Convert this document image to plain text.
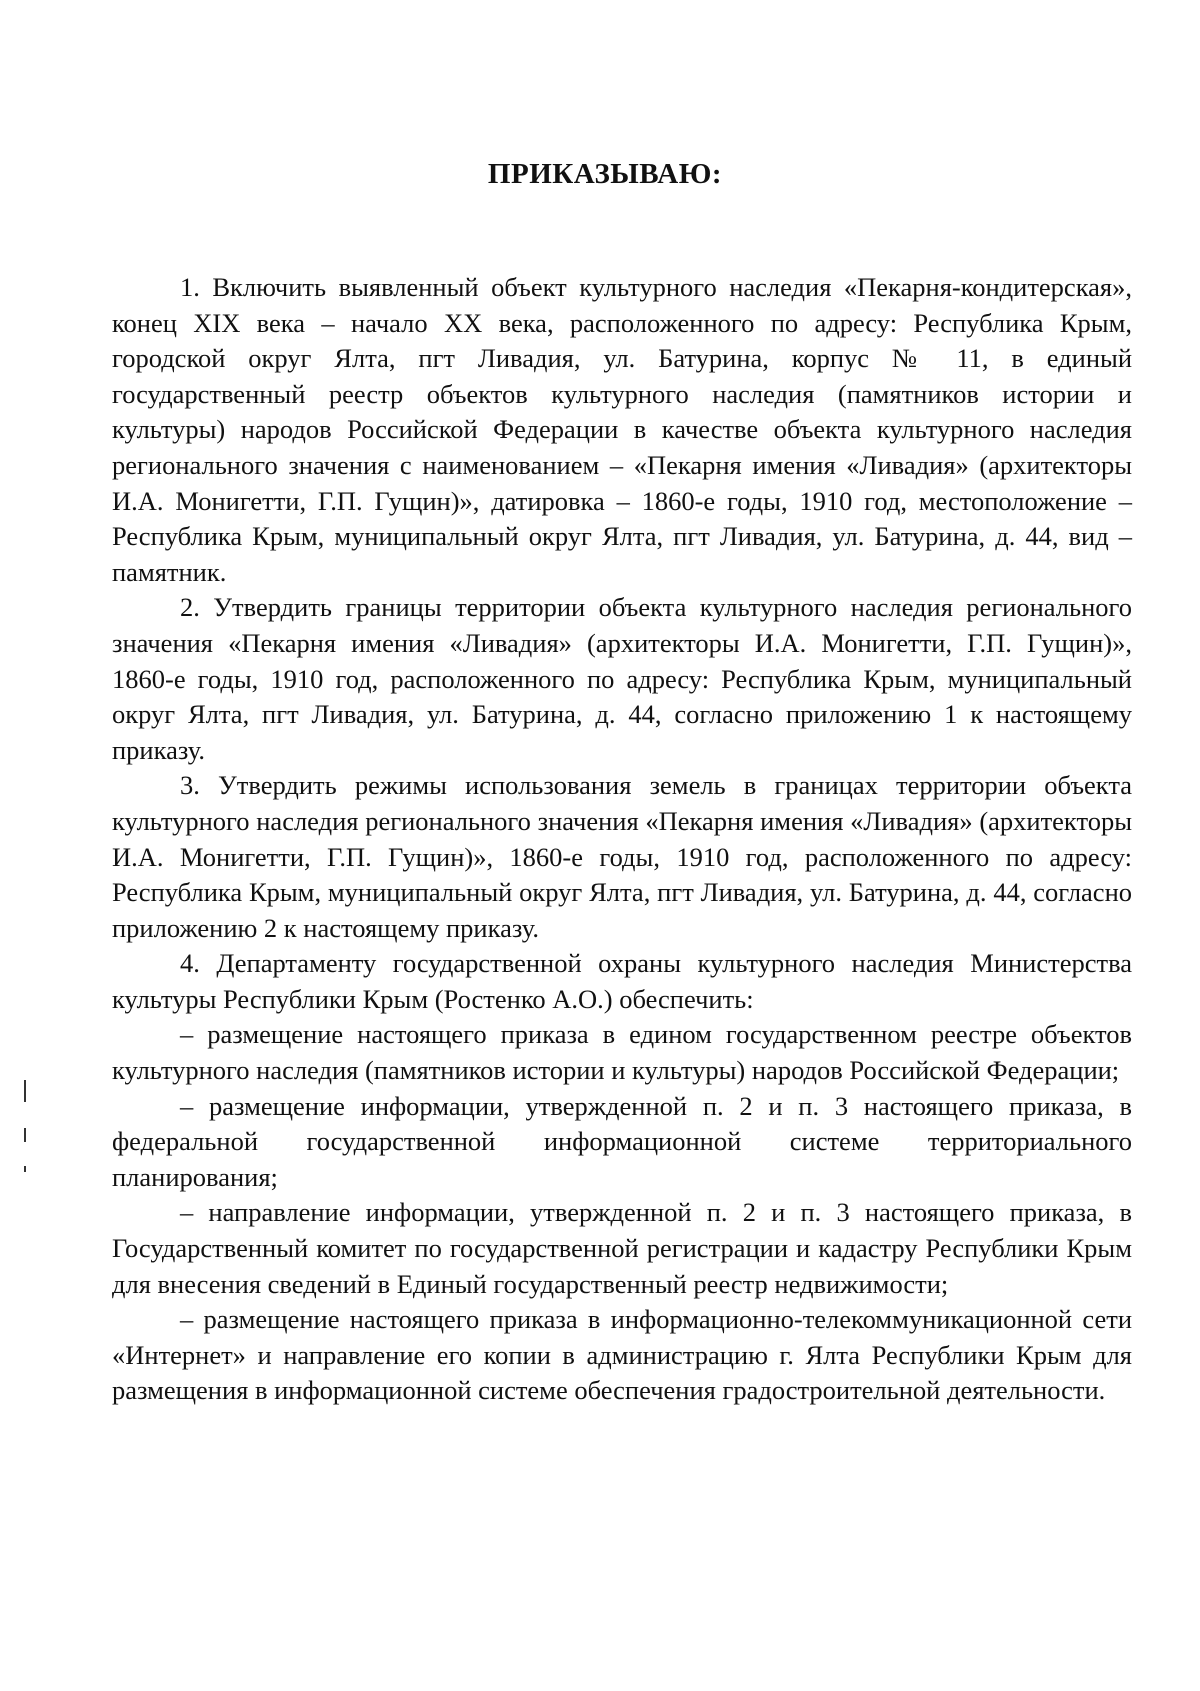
ПРИКАЗЫВАЮ:

1. Включить выявленный объект культурного наследия «Пекарня-кондитерская», конец XIX века – начало XX века, расположенного по адресу: Республика Крым, городской округ Ялта, пгт Ливадия, ул. Батурина, корпус № 11, в единый государственный реестр объектов культурного наследия (памятников истории и культуры) народов Российской Федерации в качестве объекта культурного наследия регионального значения с наименованием – «Пекарня имения «Ливадия» (архитекторы И.А. Монигетти, Г.П. Гущин)», датировка – 1860-е годы, 1910 год, местоположение – Республика Крым, муниципальный округ Ялта, пгт Ливадия, ул. Батурина, д. 44, вид – памятник.

2. Утвердить границы территории объекта культурного наследия регионального значения «Пекарня имения «Ливадия» (архитекторы И.А. Монигетти, Г.П. Гущин)», 1860-е годы, 1910 год, расположенного по адресу: Республика Крым, муниципальный округ Ялта, пгт Ливадия, ул. Батурина, д. 44, согласно приложению 1 к настоящему приказу.

3. Утвердить режимы использования земель в границах территории объекта культурного наследия регионального значения «Пекарня имения «Ливадия» (архитекторы И.А. Монигетти, Г.П. Гущин)», 1860-е годы, 1910 год, расположенного по адресу: Республика Крым, муниципальный округ Ялта, пгт Ливадия, ул. Батурина, д. 44, согласно приложению 2 к настоящему приказу.

4. Департаменту государственной охраны культурного наследия Министерства культуры Республики Крым (Ростенко А.О.) обеспечить:

– размещение настоящего приказа в едином государственном реестре объектов культурного наследия (памятников истории и культуры) народов Российской Федерации;

– размещение информации, утвержденной п. 2 и п. 3 настоящего приказа, в федеральной государственной информационной системе территориального планирования;

– направление информации, утвержденной п. 2 и п. 3 настоящего приказа, в Государственный комитет по государственной регистрации и кадастру Республики Крым для внесения сведений в Единый государственный реестр недвижимости;

– размещение настоящего приказа в информационно-телекоммуникационной сети «Интернет» и направление его копии в администрацию г. Ялта Республики Крым для размещения в информационной системе обеспечения градостроительной деятельности.
